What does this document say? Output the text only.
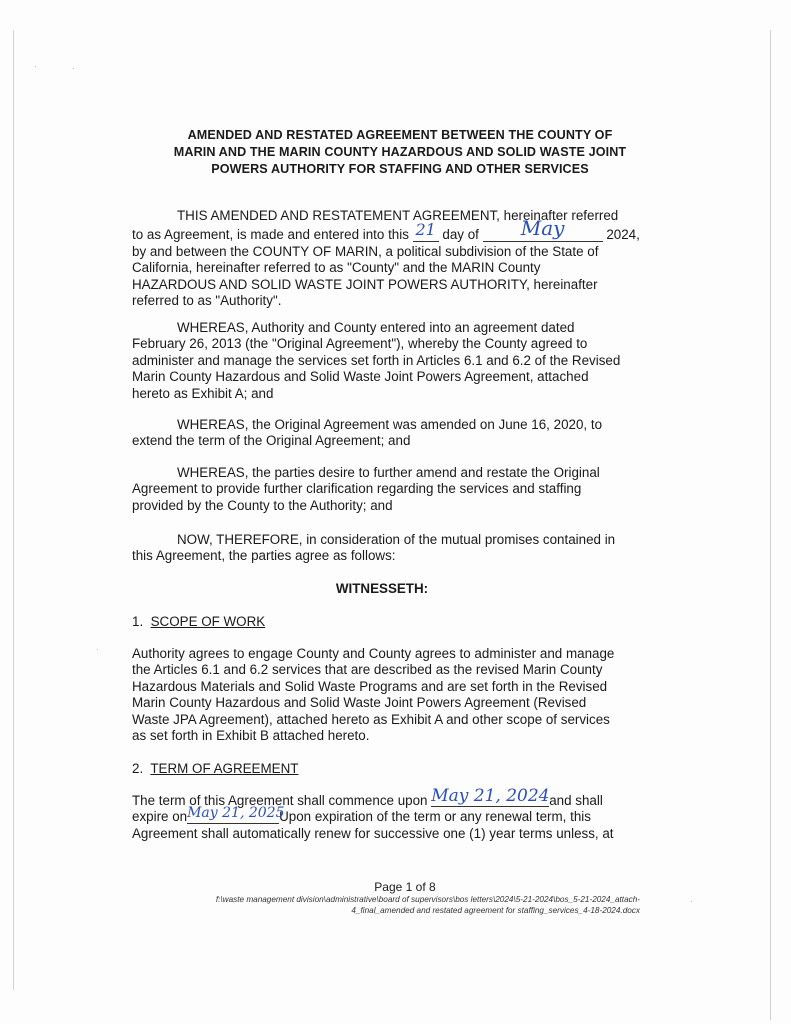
·	·
·
·
AMENDED AND RESTATED AGREEMENT BETWEEN THE COUNTY OF
MARIN AND THE MARIN COUNTY HAZARDOUS AND SOLID WASTE JOINT
POWERS AUTHORITY FOR STAFFING AND OTHER SERVICES
THIS AMENDED AND RESTATEMENT AGREEMENT, hereinafter referred
to as Agreement, is made and entered into this 21 day of May	2024,
by and between the COUNTY OF MARIN, a political subdivision of the State of
California, hereinafter referred to as "County" and the MARIN County
HAZARDOUS AND SOLID WASTE JOINT POWERS AUTHORITY, hereinafter
referred to as "Authority".
WHEREAS, Authority and County entered into an agreement dated
February 26, 2013 (the "Original Agreement"), whereby the County agreed to
administer and manage the services set forth in Articles 6.1 and 6.2 of the Revised
Marin County Hazardous and Solid Waste Joint Powers Agreement, attached
hereto as Exhibit A; and
WHEREAS, the Original Agreement was amended on June 16, 2020, to
extend the term of the Original Agreement; and
WHEREAS, the parties desire to further amend and restate the Original
Agreement to provide further clarification regarding the services and staffing
provided by the County to the Authority; and
NOW, THEREFORE, in consideration of the mutual promises contained in
this Agreement, the parties agree as follows:
WITNESSETH:
1. SCOPE OF WORK
Authority agrees to engage County and County agrees to administer and manage
the Articles 6.1 and 6.2 services that are described as the revised Marin County
Hazardous Materials and Solid Waste Programs and are set forth in the Revised
Marin County Hazardous and Solid Waste Joint Powers Agreement (Revised
Waste JPA Agreement), attached hereto as Exhibit A and other scope of services
as set forth in Exhibit B attached hereto.
2. TERM OF AGREEMENT
The term of this Agreement shall commence upon May 21, 2024and shall
expire on
May 21, 2025Upon expiration of the term or any renewal term, this
Agreement shall automatically renew for successive one (1) year terms unless, at
Page 1 of 8
f:\waste management division\administrative\board of supervisors\bos letters\2024\5-21-2024\bos_5-21-2024_attach-
4_final_amended and restated agreement for staffing_services_4-18-2024.docx
